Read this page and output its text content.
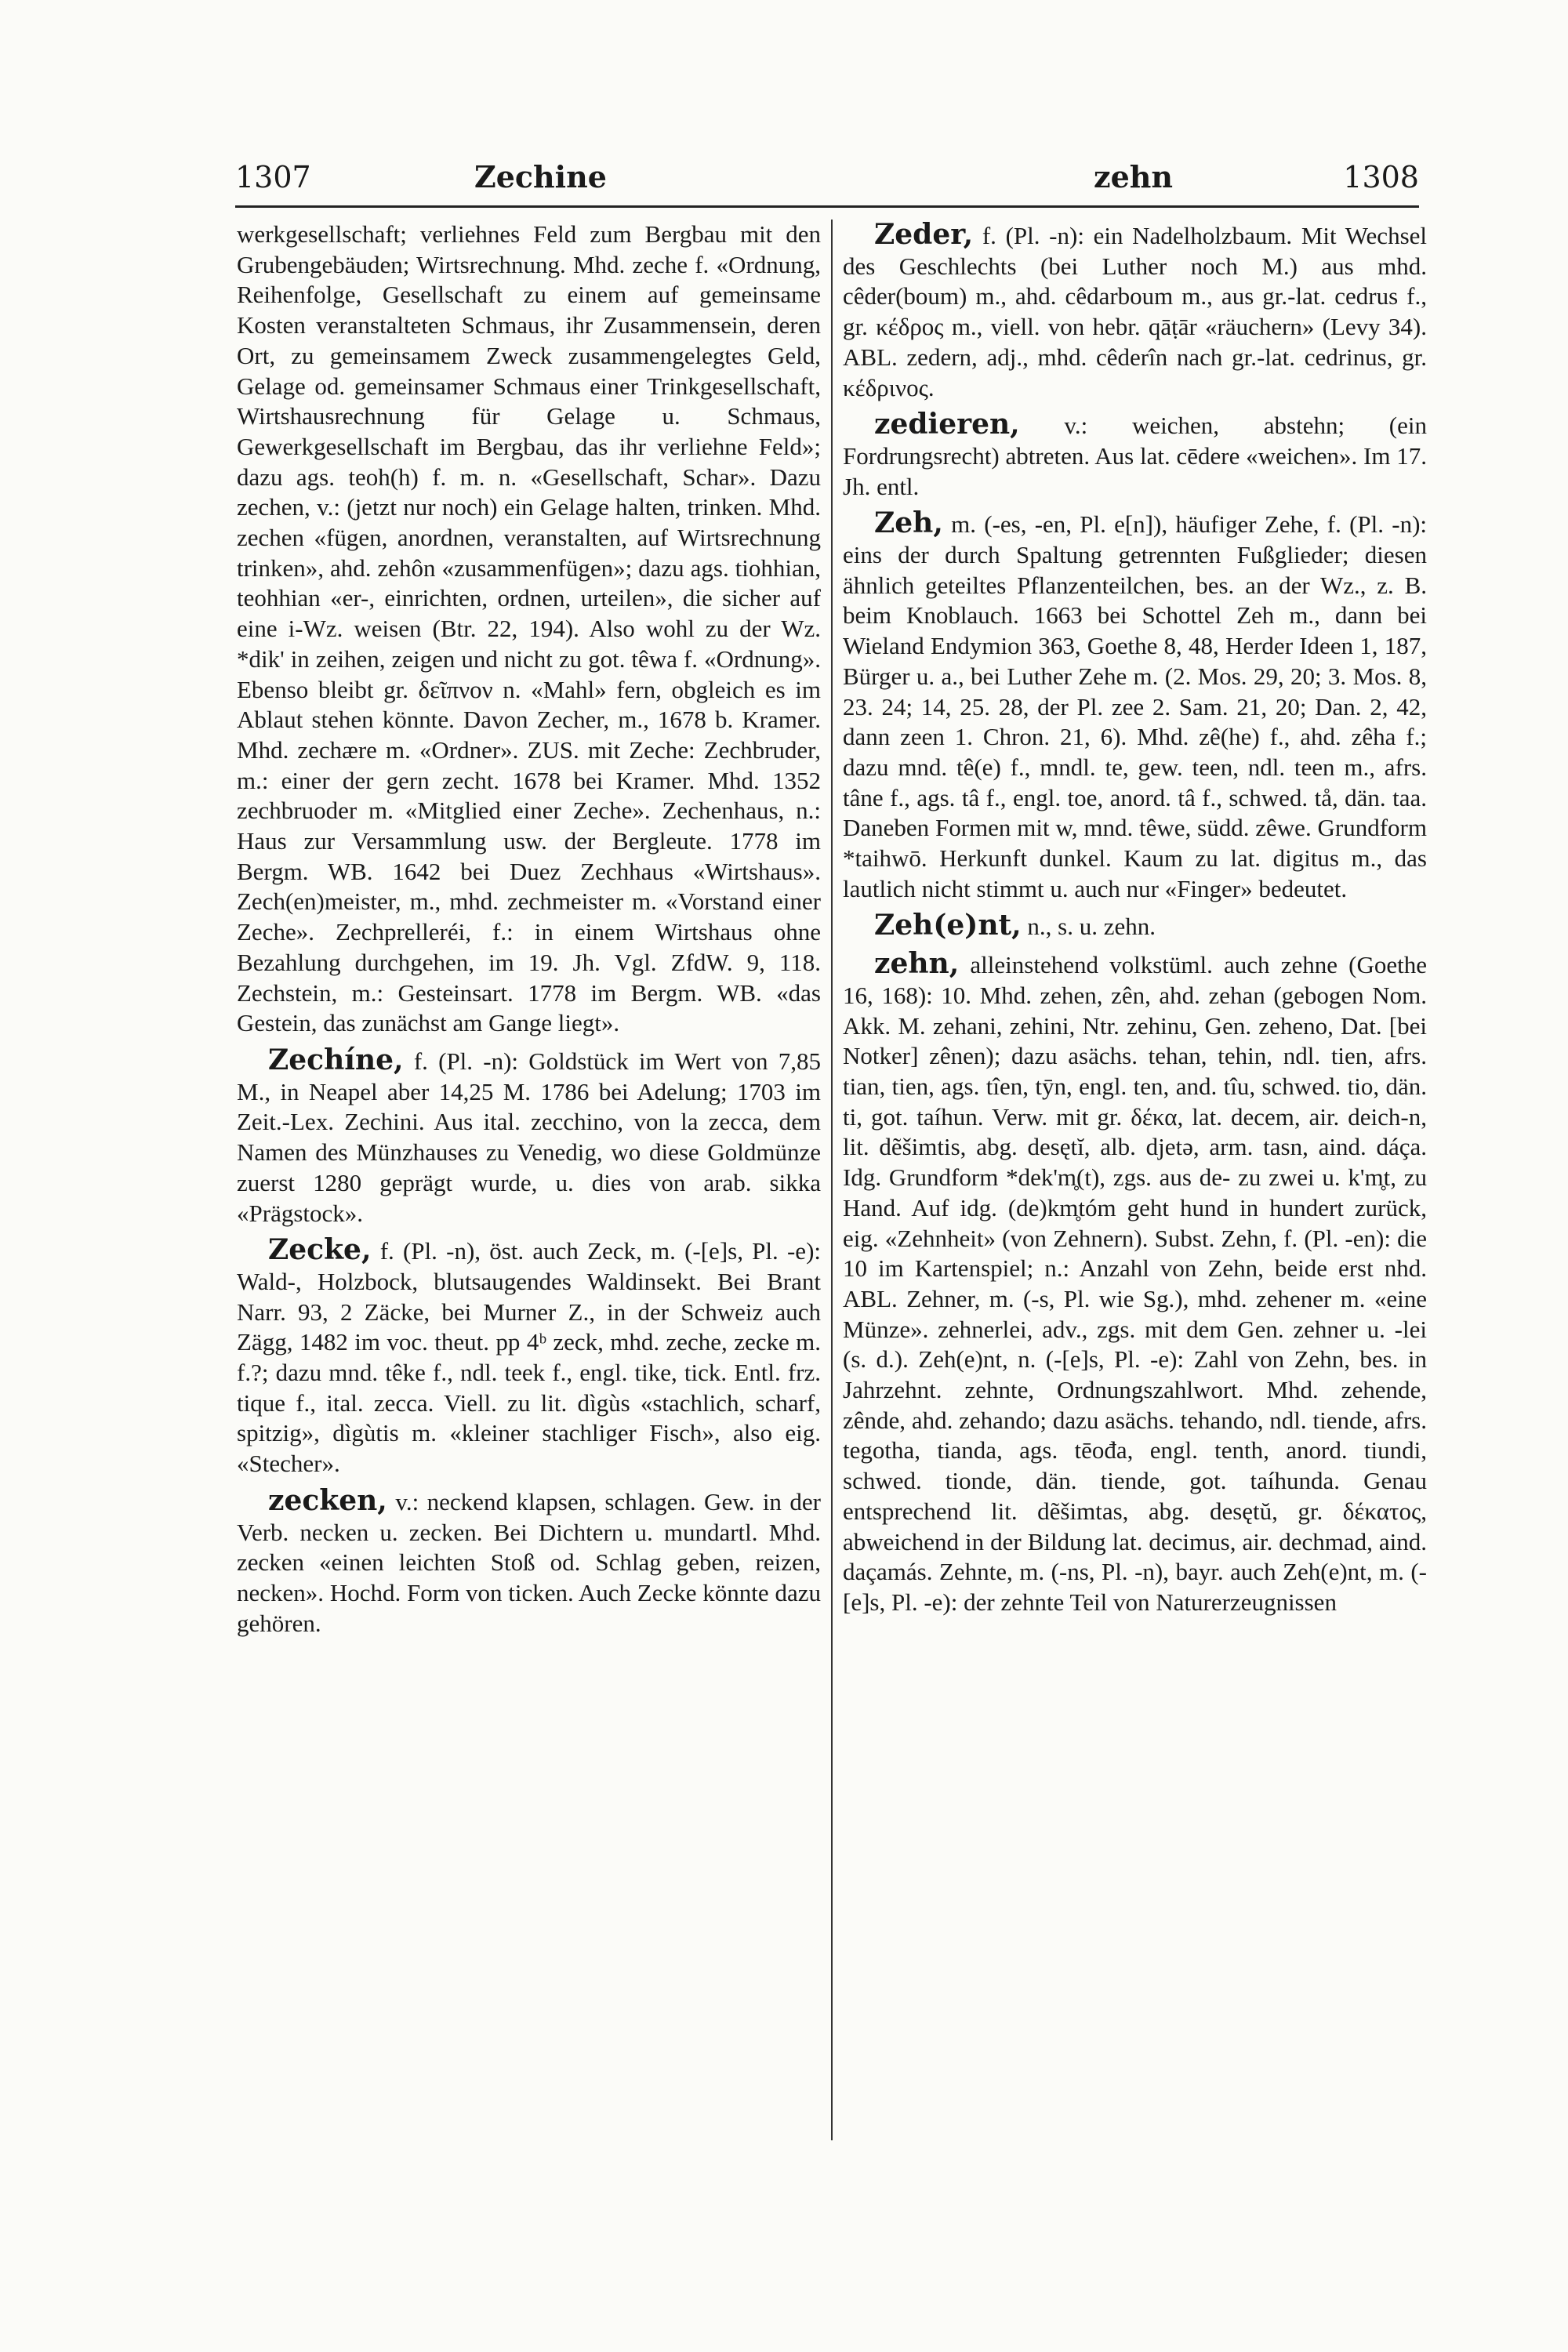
1307	Zechine	zehn	1308

werkgesellschaft; verliehnes Feld zum Bergbau mit den Grubengebäuden; Wirtsrechnung. Mhd. zeche f. «Ordnung, Reihenfolge, Gesellschaft zu einem auf gemeinsame Kosten veranstalteten Schmaus, ihr Zusammensein, deren Ort, zu gemeinsamem Zweck zusammengelegtes Geld, Gelage od. gemeinsamer Schmaus einer Trinkgesellschaft, Wirtshausrechnung für Gelage u. Schmaus, Gewerkgesellschaft im Bergbau, das ihr verliehne Feld»; dazu ags. teoh(h) f. m. n. «Gesellschaft, Schar». Dazu zechen, v.: (jetzt nur noch) ein Gelage halten, trinken. Mhd. zechen «fügen, anordnen, veranstalten, auf Wirtsrechnung trinken», ahd. zehôn «zusammenfügen»; dazu ags. tiohhian, teohhian «er-, einrichten, ordnen, urteilen», die sicher auf eine i-Wz. weisen (Btr. 22, 194). Also wohl zu der Wz. *dik' in zeihen, zeigen und nicht zu got. têwa f. «Ordnung». Ebenso bleibt gr. δεῖπνον n. «Mahl» fern, obgleich es im Ablaut stehen könnte. Davon Zecher, m., 1678 b. Kramer. Mhd. zechære m. «Ordner». ZUS. mit Zeche: Zechbruder, m.: einer der gern zecht. 1678 bei Kramer. Mhd. 1352 zechbruoder m. «Mitglied einer Zeche». Zechenhaus, n.: Haus zur Versammlung usw. der Bergleute. 1778 im Bergm. WB. 1642 bei Duez Zechhaus «Wirtshaus». Zech(en)meister, m., mhd. zechmeister m. «Vorstand einer Zeche». Zechprelleréi, f.: in einem Wirtshaus ohne Bezahlung durchgehen, im 19. Jh. Vgl. ZfdW. 9, 118. Zechstein, m.: Gesteinsart. 1778 im Bergm. WB. «das Gestein, das zunächst am Gange liegt».

Zechíne, f. (Pl. -n): Goldstück im Wert von 7,85 M., in Neapel aber 14,25 M. 1786 bei Adelung; 1703 im Zeit.-Lex. Zechini. Aus ital. zecchino, von la zecca, dem Namen des Münzhauses zu Venedig, wo diese Goldmünze zuerst 1280 geprägt wurde, u. dies von arab. sikka «Prägstock».

Zecke, f. (Pl. -n), öst. auch Zeck, m. (-[e]s, Pl. -e): Wald-, Holzbock, blutsaugendes Waldinsekt. Bei Brant Narr. 93, 2 Zäcke, bei Murner Z., in der Schweiz auch Zägg, 1482 im voc. theut. pp 4ᵇ zeck, mhd. zeche, zecke m. f.?; dazu mnd. têke f., ndl. teek f., engl. tike, tick. Entl. frz. tique f., ital. zecca. Viell. zu lit. dìgùs «stachlich, scharf, spitzig», dìgùtis m. «kleiner stachliger Fisch», also eig. «Stecher».

zecken, v.: neckend klapsen, schlagen. Gew. in der Verb. necken u. zecken. Bei Dichtern u. mundartl. Mhd. zecken «einen leichten Stoß od. Schlag geben, reizen, necken». Hochd. Form von ticken. Auch Zecke könnte dazu gehören.

Zeder, f. (Pl. -n): ein Nadelholzbaum. Mit Wechsel des Geschlechts (bei Luther noch M.) aus mhd. cêder(boum) m., ahd. cêdarboum m., aus gr.-lat. cedrus f., gr. κέδρος m., viell. von hebr. qāṭār «räuchern» (Levy 34). ABL. zedern, adj., mhd. cêderîn nach gr.-lat. cedrinus, gr. κέδρινος.

zedieren, v.: weichen, abstehn; (ein Fordrungsrecht) abtreten. Aus lat. cēdere «weichen». Im 17. Jh. entl.

Zeh, m. (-es, -en, Pl. e[n]), häufiger Zehe, f. (Pl. -n): eins der durch Spaltung getrennten Fußglieder; diesen ähnlich geteiltes Pflanzenteilchen, bes. an der Wz., z. B. beim Knoblauch. 1663 bei Schottel Zeh m., dann bei Wieland Endymion 363, Goethe 8, 48, Herder Ideen 1, 187, Bürger u. a., bei Luther Zehe m. (2. Mos. 29, 20; 3. Mos. 8, 23. 24; 14, 25. 28, der Pl. zee 2. Sam. 21, 20; Dan. 2, 42, dann zeen 1. Chron. 21, 6). Mhd. zê(he) f., ahd. zêha f.; dazu mnd. tê(e) f., mndl. te, gew. teen, ndl. teen m., afrs. tâne f., ags. tâ f., engl. toe, anord. tâ f., schwed. tå, dän. taa. Daneben Formen mit w, mnd. têwe, südd. zêwe. Grundform *taihwō. Herkunft dunkel. Kaum zu lat. digitus m., das lautlich nicht stimmt u. auch nur «Finger» bedeutet.

Zeh(e)nt, n., s. u. zehn.

zehn, alleinstehend volkstüml. auch zehne (Goethe 16, 168): 10. Mhd. zehen, zên, ahd. zehan (gebogen Nom. Akk. M. zehani, zehini, Ntr. zehinu, Gen. zeheno, Dat. [bei Notker] zênen); dazu asächs. tehan, tehin, ndl. tien, afrs. tian, tien, ags. tîen, tȳn, engl. ten, and. tîu, schwed. tio, dän. ti, got. taíhun. Verw. mit gr. δέκα, lat. decem, air. deich-n, lit. dẽšimtis, abg. desętĭ, alb. djetə, arm. tasn, aind. dáça. Idg. Grundform *dek'm̥(t), zgs. aus de- zu zwei u. k'm̥t, zu Hand. Auf idg. (de)km̥tóm geht hund in hundert zurück, eig. «Zehnheit» (von Zehnern). Subst. Zehn, f. (Pl. -en): die 10 im Kartenspiel; n.: Anzahl von Zehn, beide erst nhd. ABL. Zehner, m. (-s, Pl. wie Sg.), mhd. zehener m. «eine Münze». zehnerlei, adv., zgs. mit dem Gen. zehner u. -lei (s. d.). Zeh(e)nt, n. (-[e]s, Pl. -e): Zahl von Zehn, bes. in Jahrzehnt. zehnte, Ordnungszahlwort. Mhd. zehende, zênde, ahd. zehando; dazu asächs. tehando, ndl. tiende, afrs. tegotha, tianda, ags. tēođa, engl. tenth, anord. tiundi, schwed. tionde, dän. tiende, got. taíhunda. Genau entsprechend lit. dẽšimtas, abg. desętŭ, gr. δέκατος, abweichend in der Bildung lat. decimus, air. dechmad, aind. daçamás. Zehnte, m. (-ns, Pl. -n), bayr. auch Zeh(e)nt, m. (-[e]s, Pl. -e): der zehnte Teil von Naturerzeugnissen
